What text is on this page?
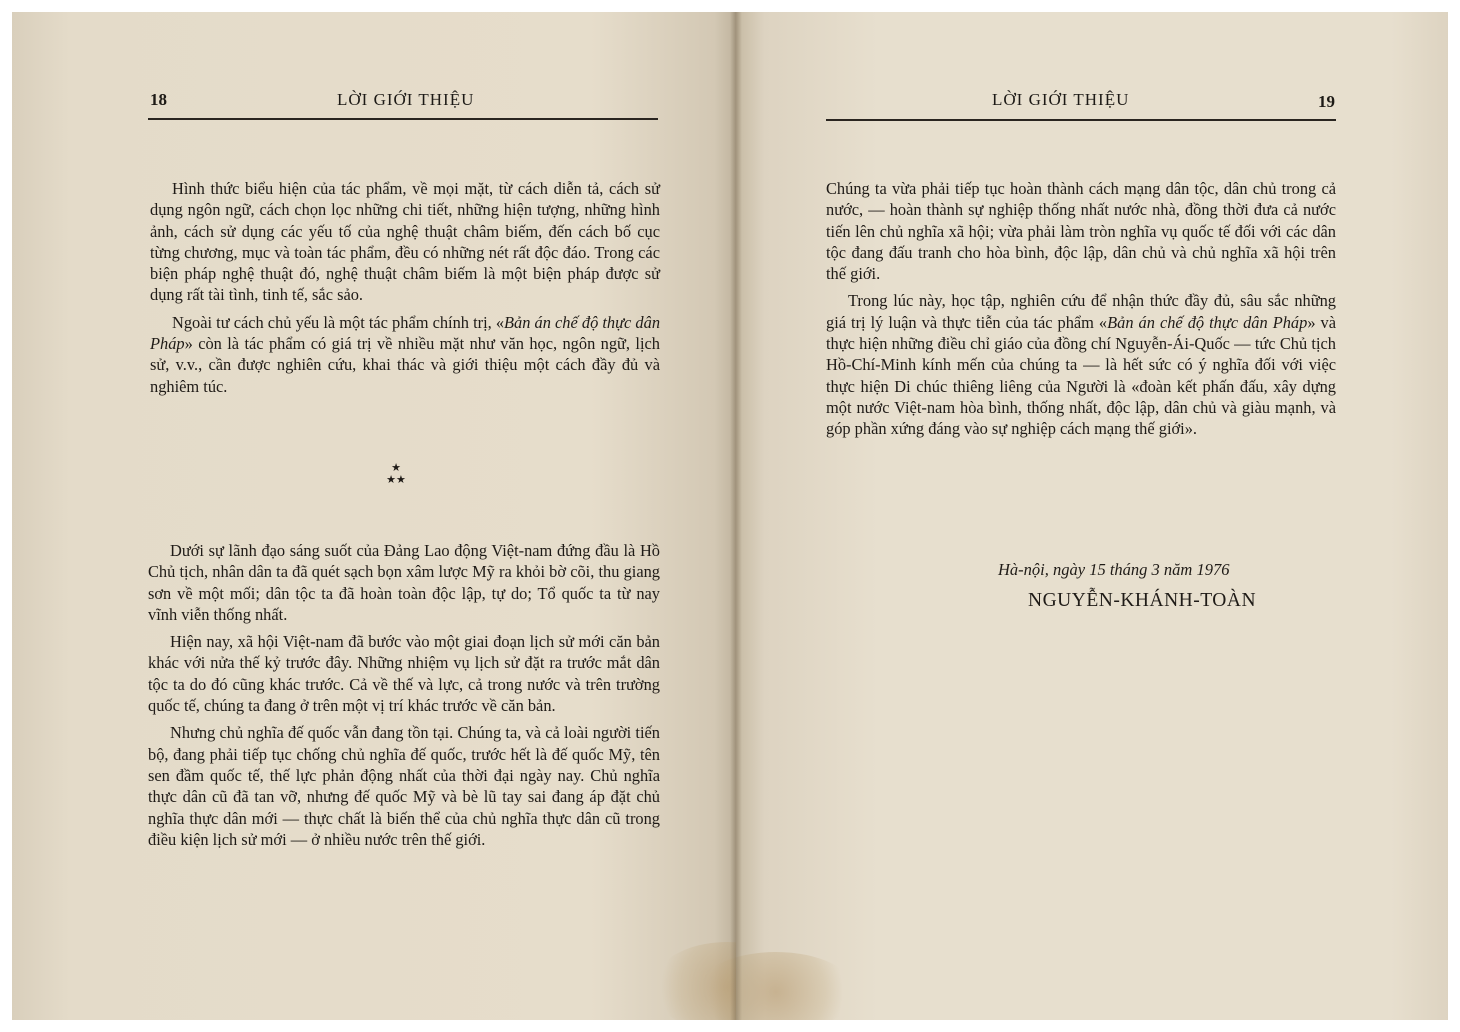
18	LỜI GIỚI THIỆU

Hình thức biểu hiện của tác phẩm, về mọi mặt, từ cách diễn tả, cách sử dụng ngôn ngữ, cách chọn lọc những chi tiết, những hiện tượng, những hình ảnh, cách sử dụng các yếu tố của nghệ thuật châm biếm, đến cách bố cục từng chương, mục và toàn tác phẩm, đều có những nét rất độc đáo. Trong các biện pháp nghệ thuật đó, nghệ thuật châm biếm là một biện pháp được sử dụng rất tài tình, tinh tế, sắc sảo.

Ngoài tư cách chủ yếu là một tác phẩm chính trị, «Bản án chế độ thực dân Pháp» còn là tác phẩm có giá trị về nhiều mặt như văn học, ngôn ngữ, lịch sử, v.v., cần được nghiên cứu, khai thác và giới thiệu một cách đầy đủ và nghiêm túc.

★
★★

Dưới sự lãnh đạo sáng suốt của Đảng Lao động Việt-nam đứng đầu là Hồ Chủ tịch, nhân dân ta đã quét sạch bọn xâm lược Mỹ ra khỏi bờ cõi, thu giang sơn về một mối; dân tộc ta đã hoàn toàn độc lập, tự do; Tổ quốc ta từ nay vĩnh viễn thống nhất.

Hiện nay, xã hội Việt-nam đã bước vào một giai đoạn lịch sử mới căn bản khác với nửa thế kỷ trước đây. Những nhiệm vụ lịch sử đặt ra trước mắt dân tộc ta do đó cũng khác trước. Cả về thế và lực, cả trong nước và trên trường quốc tế, chúng ta đang ở trên một vị trí khác trước về căn bản.

Nhưng chủ nghĩa đế quốc vẫn đang tồn tại. Chúng ta, và cả loài người tiến bộ, đang phải tiếp tục chống chủ nghĩa đế quốc, trước hết là đế quốc Mỹ, tên sen đầm quốc tế, thế lực phản động nhất của thời đại ngày nay. Chủ nghĩa thực dân cũ đã tan vỡ, nhưng đế quốc Mỹ và bè lũ tay sai đang áp đặt chủ nghĩa thực dân mới — thực chất là biến thể của chủ nghĩa thực dân cũ trong điều kiện lịch sử mới — ở nhiều nước trên thế giới.

LỜI GIỚI THIỆU	19

Chúng ta vừa phải tiếp tục hoàn thành cách mạng dân tộc, dân chủ trong cả nước, — hoàn thành sự nghiệp thống nhất nước nhà, đồng thời đưa cả nước tiến lên chủ nghĩa xã hội; vừa phải làm tròn nghĩa vụ quốc tế đối với các dân tộc đang đấu tranh cho hòa bình, độc lập, dân chủ và chủ nghĩa xã hội trên thế giới.

Trong lúc này, học tập, nghiên cứu để nhận thức đầy đủ, sâu sắc những giá trị lý luận và thực tiễn của tác phẩm «Bản án chế độ thực dân Pháp» và thực hiện những điều chỉ giáo của đồng chí Nguyễn-Ái-Quốc — tức Chủ tịch Hồ-Chí-Minh kính mến của chúng ta — là hết sức có ý nghĩa đối với việc thực hiện Di chúc thiêng liêng của Người là «đoàn kết phấn đấu, xây dựng một nước Việt-nam hòa bình, thống nhất, độc lập, dân chủ và giàu mạnh, và góp phần xứng đáng vào sự nghiệp cách mạng thế giới».

Hà-nội, ngày 15 tháng 3 năm 1976
NGUYỄN-KHÁNH-TOÀN
